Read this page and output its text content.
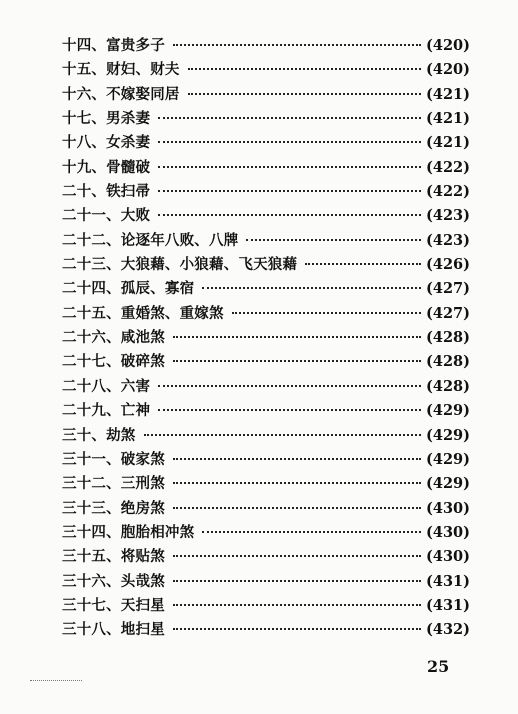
十四、富贵多子	(420)
十五、财妇、财夫	(420)
十六、不嫁娶同居	(421)
十七、男杀妻	(421)
十八、女杀妻	(421)
十九、骨髓破	(422)
二十、铁扫帚	(422)
二十一、大败	(423)
二十二、论逐年八败、八牌	(423)
二十三、大狼藉、小狼藉、飞天狼藉	(426)
二十四、孤辰、寡宿	(427)
二十五、重婚煞、重嫁煞	(427)
二十六、咸池煞	(428)
二十七、破碎煞	(428)
二十八、六害	(428)
二十九、亡神	(429)
三十、劫煞	(429)
三十一、破家煞	(429)
三十二、三刑煞	(429)
三十三、绝房煞	(430)
三十四、胞胎相冲煞	(430)
三十五、将贴煞	(430)
三十六、头哉煞	(431)
三十七、天扫星	(431)
三十八、地扫星	(432)
25
